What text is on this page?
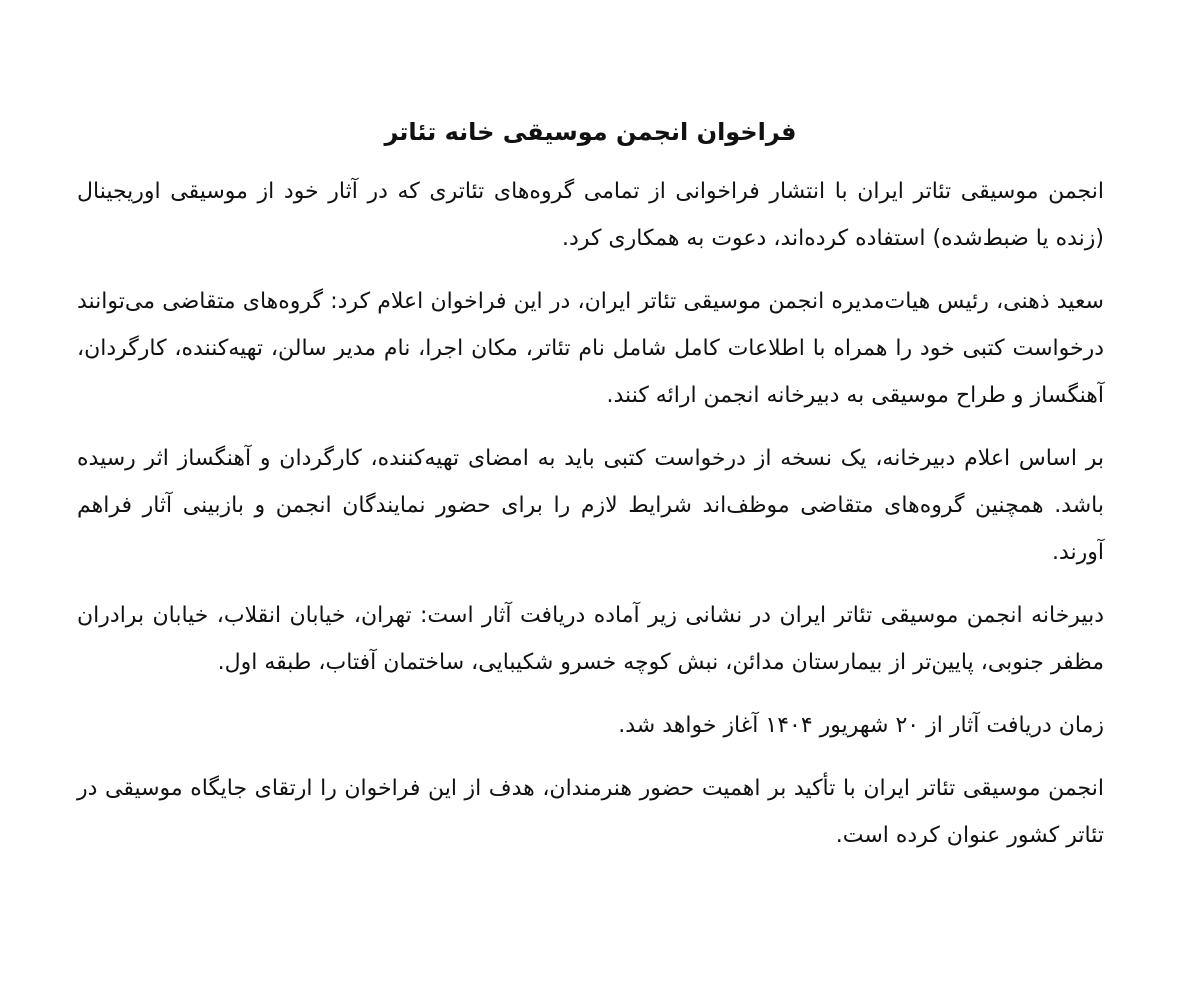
فراخوان انجمن موسیقی خانه تئاتر

انجمن موسیقی تئاتر ایران با انتشار فراخوانی از تمامی گروه‌های تئاتری که در آثار خود از موسیقی اوریجینال (زنده یا ضبط‌شده) استفاده کرده‌اند، دعوت به همکاری کرد.

سعید ذهنی، رئیس هیات‌مدیره انجمن موسیقی تئاتر ایران، در این فراخوان اعلام کرد: گروه‌های متقاضی می‌توانند درخواست کتبی خود را همراه با اطلاعات کامل شامل نام تئاتر، مکان اجرا، نام مدیر سالن، تهیه‌کننده، کارگردان، آهنگساز و طراح موسیقی به دبیرخانه انجمن ارائه کنند.

بر اساس اعلام دبیرخانه، یک نسخه از درخواست کتبی باید به امضای تهیه‌کننده، کارگردان و آهنگساز اثر رسیده باشد. همچنین گروه‌های متقاضی موظف‌اند شرایط لازم را برای حضور نمایندگان انجمن و بازبینی آثار فراهم آورند.

دبیرخانه انجمن موسیقی تئاتر ایران در نشانی زیر آماده دریافت آثار است: تهران، خیابان انقلاب، خیابان برادران مظفر جنوبی، پایین‌تر از بیمارستان مدائن، نبش کوچه خسرو شکیبایی، ساختمان آفتاب، طبقه اول.

زمان دریافت آثار از ۲۰ شهریور ۱۴۰۴ آغاز خواهد شد.

انجمن موسیقی تئاتر ایران با تأکید بر اهمیت حضور هنرمندان، هدف از این فراخوان را ارتقای جایگاه موسیقی در تئاتر کشور عنوان کرده است.
